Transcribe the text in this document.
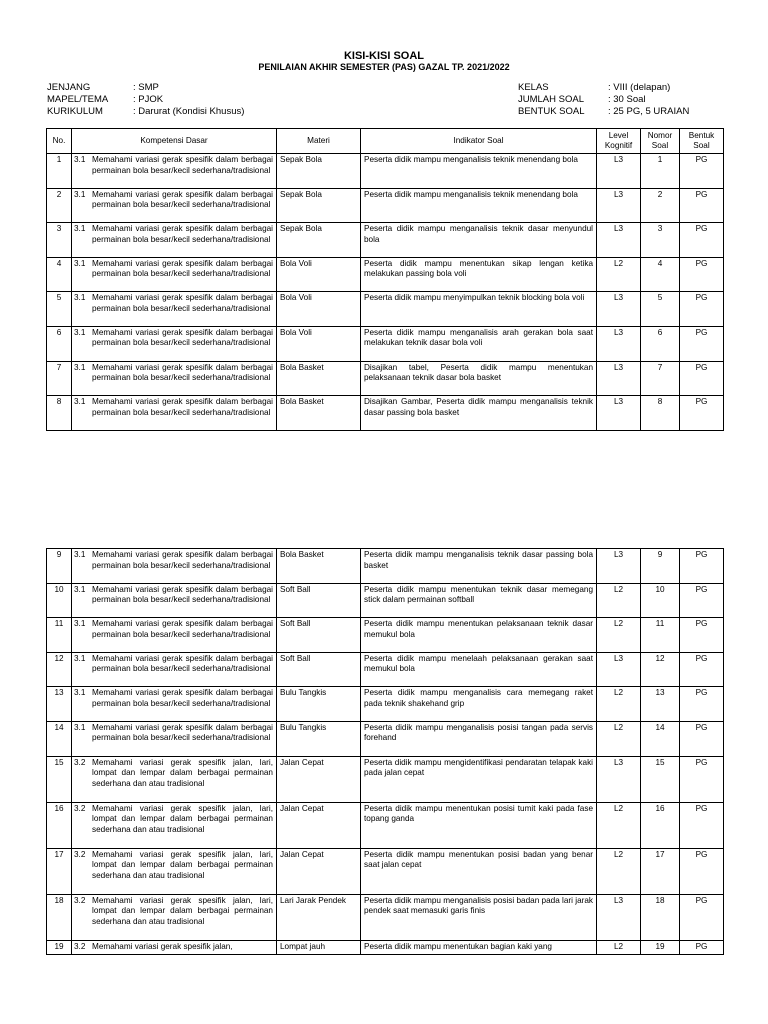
KISI-KISI SOAL
PENILAIAN AKHIR SEMESTER (PAS) GAZAL TP. 2021/2022
JENJANG	: SMP
MAPEL/TEMA	: PJOK
KURIKULUM	: Darurat (Kondisi Khusus)
KELAS	: VIII (delapan)
JUMLAH SOAL	: 30 Soal
BENTUK SOAL	: 25 PG, 5 URAIAN
No.	Kompetensi Dasar	Materi	Indikator Soal	Level Kognitif	Nomor Soal	Bentuk Soal
1	3.1 Memahami variasi gerak spesifik dalam berbagai permainan bola besar/kecil sederhana/tradisional	Sepak Bola	Peserta didik mampu menganalisis teknik menendang bola	L3	1	PG
2	3.1 Memahami variasi gerak spesifik dalam berbagai permainan bola besar/kecil sederhana/tradisional	Sepak Bola	Peserta didik mampu menganalisis teknik menendang bola	L3	2	PG
3	3.1 Memahami variasi gerak spesifik dalam berbagai permainan bola besar/kecil sederhana/tradisional	Sepak Bola	Peserta didik mampu menganalisis teknik dasar menyundul bola	L3	3	PG
4	3.1 Memahami variasi gerak spesifik dalam berbagai permainan bola besar/kecil sederhana/tradisional	Bola Voli	Peserta didik mampu menentukan sikap lengan ketika melakukan passing bola voli	L2	4	PG
5	3.1 Memahami variasi gerak spesifik dalam berbagai permainan bola besar/kecil sederhana/tradisional	Bola Voli	Peserta didik mampu menyimpulkan teknik blocking bola voli	L3	5	PG
6	3.1 Memahami variasi gerak spesifik dalam berbagai permainan bola besar/kecil sederhana/tradisional	Bola Voli	Peserta didik mampu menganalisis arah gerakan bola saat melakukan teknik dasar bola voli	L3	6	PG
7	3.1 Memahami variasi gerak spesifik dalam berbagai permainan bola besar/kecil sederhana/tradisional	Bola Basket	Disajikan tabel, Peserta didik mampu menentukan pelaksanaan teknik dasar bola basket	L3	7	PG
8	3.1 Memahami variasi gerak spesifik dalam berbagai permainan bola besar/kecil sederhana/tradisional	Bola Basket	Disajikan Gambar, Peserta didik mampu menganalisis teknik dasar passing bola basket	L3	8	PG
9	3.1 Memahami variasi gerak spesifik dalam berbagai permainan bola besar/kecil sederhana/tradisional	Bola Basket	Peserta didik mampu menganalisis teknik dasar passing bola basket	L3	9	PG
10	3.1 Memahami variasi gerak spesifik dalam berbagai permainan bola besar/kecil sederhana/tradisional	Soft Ball	Peserta didik mampu menentukan teknik dasar memegang stick dalam permainan softball	L2	10	PG
11	3.1 Memahami variasi gerak spesifik dalam berbagai permainan bola besar/kecil sederhana/tradisional	Soft Ball	Peserta didik mampu menentukan pelaksanaan teknik dasar memukul bola	L2	11	PG
12	3.1 Memahami variasi gerak spesifik dalam berbagai permainan bola besar/kecil sederhana/tradisional	Soft Ball	Peserta didik mampu menelaah pelaksanaan gerakan saat memukul bola	L3	12	PG
13	3.1 Memahami variasi gerak spesifik dalam berbagai permainan bola besar/kecil sederhana/tradisional	Bulu Tangkis	Peserta didik mampu menganalisis cara memegang raket pada teknik shakehand grip	L2	13	PG
14	3.1 Memahami variasi gerak spesifik dalam berbagai permainan bola besar/kecil sederhana/tradisional	Bulu Tangkis	Peserta didik mampu menganalisis posisi tangan pada servis forehand	L2	14	PG
15	3.2 Memahami variasi gerak spesifik jalan, lari, lompat dan lempar dalam berbagai permainan sederhana dan atau tradisional	Jalan Cepat	Peserta didik mampu mengidentifikasi pendaratan telapak kaki pada jalan cepat	L3	15	PG
16	3.2 Memahami variasi gerak spesifik jalan, lari, lompat dan lempar dalam berbagai permainan sederhana dan atau tradisional	Jalan Cepat	Peserta didik mampu menentukan posisi tumit kaki pada fase topang ganda	L2	16	PG
17	3.2 Memahami variasi gerak spesifik jalan, lari, lompat dan lempar dalam berbagai permainan sederhana dan atau tradisional	Jalan Cepat	Peserta didik mampu menentukan posisi badan yang benar saat jalan cepat	L2	17	PG
18	3.2 Memahami variasi gerak spesifik jalan, lari, lompat dan lempar dalam berbagai permainan sederhana dan atau tradisional	Lari Jarak Pendek	Peserta didik mampu menganalisis posisi badan pada lari jarak pendek saat memasuki garis finis	L3	18	PG
19	3.2 Memahami variasi gerak spesifik jalan,	Lompat jauh	Peserta didik mampu menentukan bagian kaki yang	L2	19	PG
